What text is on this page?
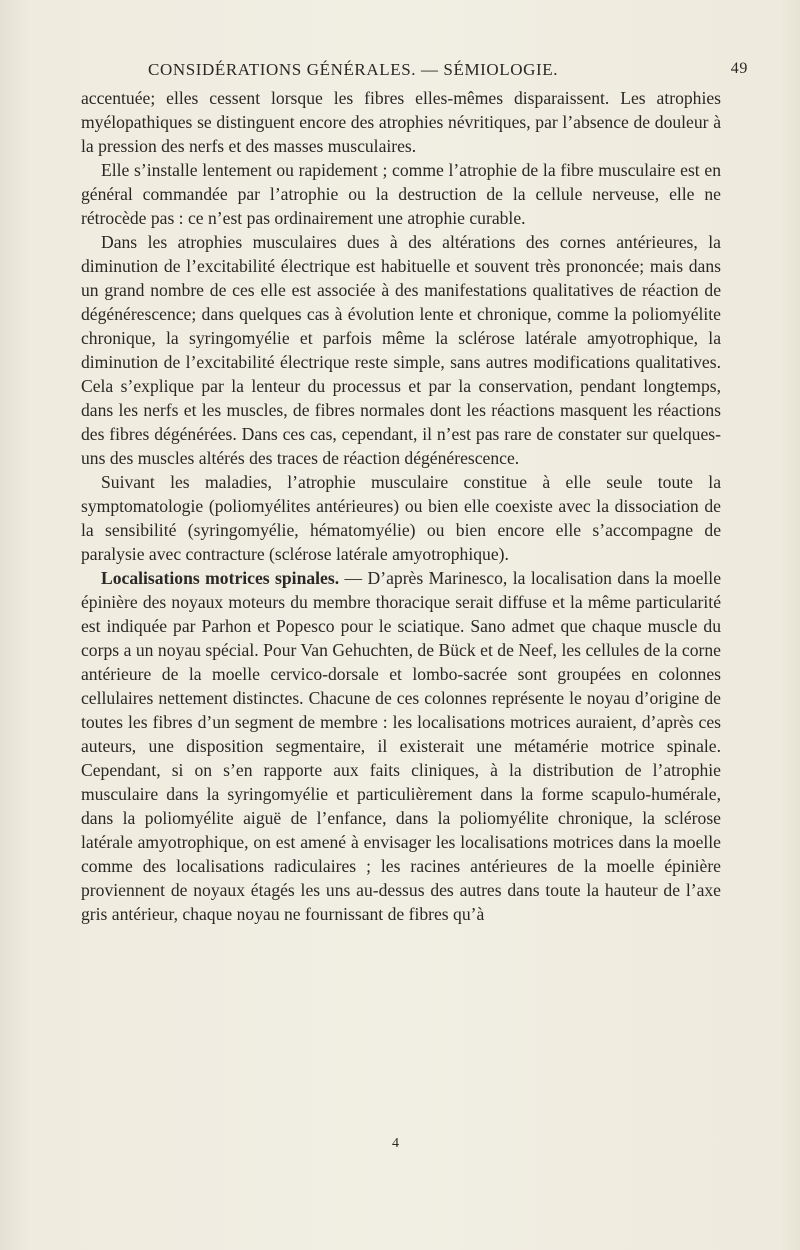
CONSIDÉRATIONS GÉNÉRALES. — SÉMIOLOGIE.	49

accentuée; elles cessent lorsque les fibres elles-mêmes disparaissent. Les atrophies myélopathiques se distinguent encore des atrophies névritiques, par l’absence de douleur à la pression des nerfs et des masses musculaires.

Elle s’installe lentement ou rapidement ; comme l’atrophie de la fibre musculaire est en général commandée par l’atrophie ou la destruction de la cellule nerveuse, elle ne rétrocède pas : ce n’est pas ordinairement une atrophie curable.

Dans les atrophies musculaires dues à des altérations des cornes antérieures, la diminution de l’excitabilité électrique est habituelle et souvent très prononcée; mais dans un grand nombre de ces elle est associée à des manifestations qualitatives de réaction de dégénérescence; dans quelques cas à évolution lente et chronique, comme la poliomyélite chronique, la syringomyélie et parfois même la sclérose latérale amyotrophique, la diminution de l’excitabilité électrique reste simple, sans autres modifications qualitatives. Cela s’explique par la lenteur du processus et par la conservation, pendant longtemps, dans les nerfs et les muscles, de fibres normales dont les réactions masquent les réactions des fibres dégénérées. Dans ces cas, cependant, il n’est pas rare de constater sur quelques-uns des muscles altérés des traces de réaction dégénérescence.

Suivant les maladies, l’atrophie musculaire constitue à elle seule toute la symptomatologie (poliomyélites antérieures) ou bien elle coexiste avec la dissociation de la sensibilité (syringomyélie, hématomyélie) ou bien encore elle s’accompagne de paralysie avec contracture (sclérose latérale amyotrophique).

Localisations motrices spinales. — D’après Marinesco, la localisation dans la moelle épinière des noyaux moteurs du membre thoracique serait diffuse et la même particularité est indiquée par Parhon et Popesco pour le sciatique. Sano admet que chaque muscle du corps a un noyau spécial. Pour Van Gehuchten, de Bück et de Neef, les cellules de la corne antérieure de la moelle cervico-dorsale et lombo-sacrée sont groupées en colonnes cellulaires nettement distinctes. Chacune de ces colonnes représente le noyau d’origine de toutes les fibres d’un segment de membre : les localisations motrices auraient, d’après ces auteurs, une disposition segmentaire, il existerait une métamérie motrice spinale. Cependant, si on s’en rapporte aux faits cliniques, à la distribution de l’atrophie musculaire dans la syringomyélie et particulièrement dans la forme scapulo-humérale, dans la poliomyélite aiguë de l’enfance, dans la poliomyélite chronique, la sclérose latérale amyotrophique, on est amené à envisager les localisations motrices dans la moelle comme des localisations radiculaires ; les racines antérieures de la moelle épinière proviennent de noyaux étagés les uns au-dessus des autres dans toute la hauteur de l’axe gris antérieur, chaque noyau ne fournissant de fibres qu’à

4
